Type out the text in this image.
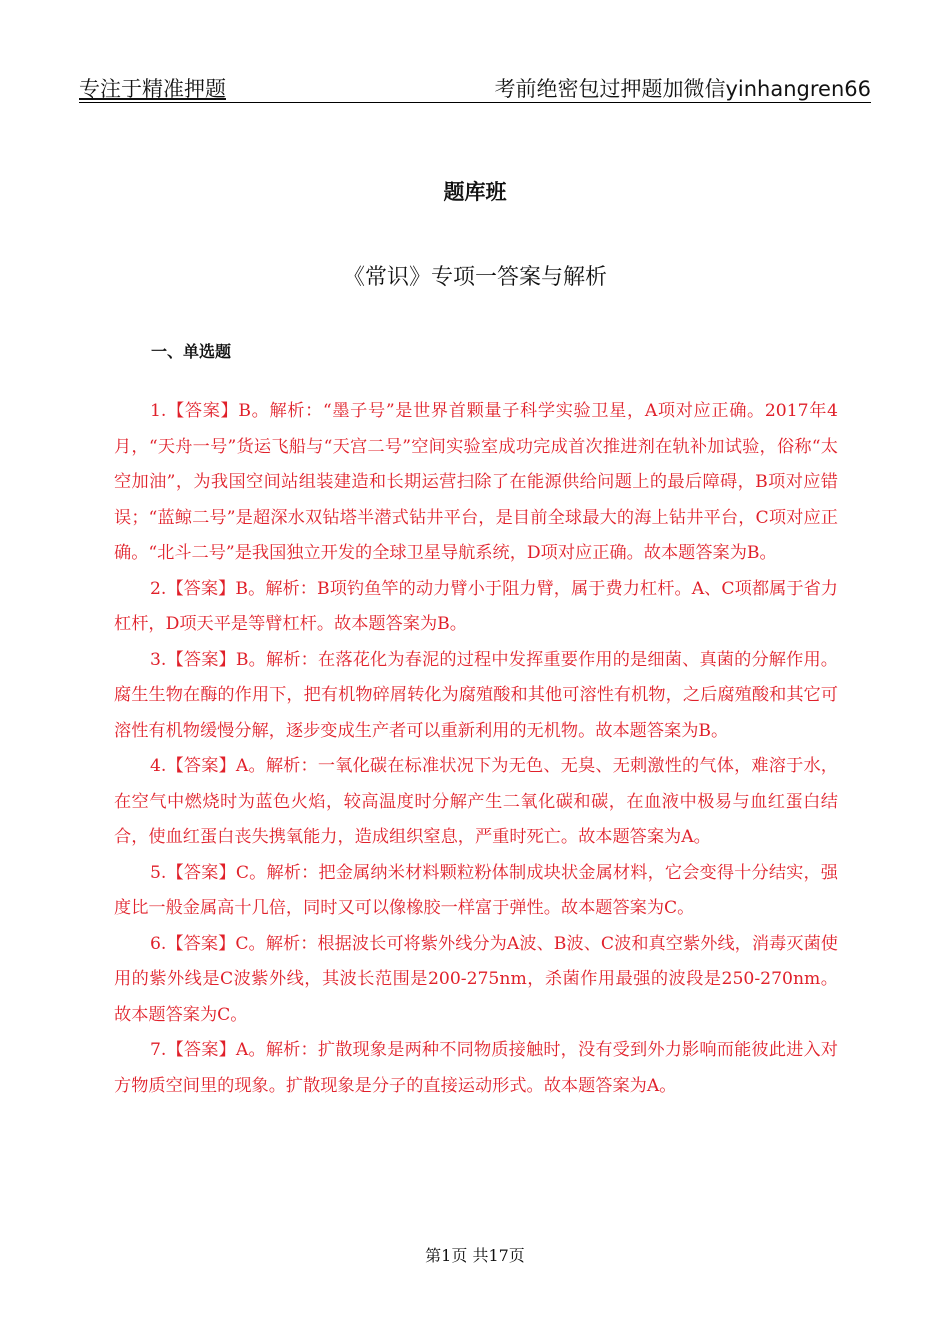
专注于精准押题	考前绝密包过押题加微信yinhangren66
题库班
《常识》专项一答案与解析
一、单选题

1.【答案】B。解析：“墨子号”是世界首颗量子科学实验卫星，A项对应正确。2017年4月，“天舟一号”货运飞船与“天宫二号”空间实验室成功完成首次推进剂在轨补加试验，俗称“太空加油”，为我国空间站组装建造和长期运营扫除了在能源供给问题上的最后障碍，B项对应错误；“蓝鲸二号”是超深水双钻塔半潜式钻井平台，是目前全球最大的海上钻井平台，C项对应正确。“北斗二号”是我国独立开发的全球卫星导航系统，D项对应正确。故本题答案为B。

2.【答案】B。解析：B项钓鱼竿的动力臂小于阻力臂，属于费力杠杆。A、C项都属于省力杠杆，D项天平是等臂杠杆。故本题答案为B。

3.【答案】B。解析：在落花化为春泥的过程中发挥重要作用的是细菌、真菌的分解作用。腐生生物在酶的作用下，把有机物碎屑转化为腐殖酸和其他可溶性有机物，之后腐殖酸和其它可溶性有机物缓慢分解，逐步变成生产者可以重新利用的无机物。故本题答案为B。

4.【答案】A。解析：一氧化碳在标准状况下为无色、无臭、无刺激性的气体，难溶于水，在空气中燃烧时为蓝色火焰，较高温度时分解产生二氧化碳和碳，在血液中极易与血红蛋白结合，使血红蛋白丧失携氧能力，造成组织窒息，严重时死亡。故本题答案为A。

5.【答案】C。解析：把金属纳米材料颗粒粉体制成块状金属材料，它会变得十分结实，强度比一般金属高十几倍，同时又可以像橡胶一样富于弹性。故本题答案为C。

6.【答案】C。解析：根据波长可将紫外线分为A波、B波、C波和真空紫外线，消毒灭菌使用的紫外线是C波紫外线，其波长范围是200-275nm，杀菌作用最强的波段是250-270nm。故本题答案为C。

7.【答案】A。解析：扩散现象是两种不同物质接触时，没有受到外力影响而能彼此进入对方物质空间里的现象。扩散现象是分子的直接运动形式。故本题答案为A。

第1页 共17页
